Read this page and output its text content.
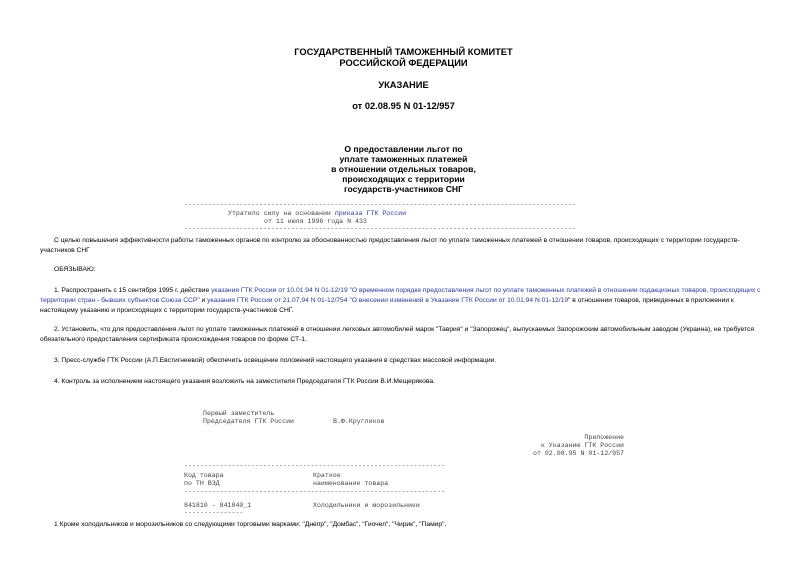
ГОСУДАРСТВЕННЫЙ ТАМОЖЕННЫЙ КОМИТЕТ
РОССИЙСКОЙ ФЕДЕРАЦИИ
УКАЗАНИЕ
от 02.08.95 N 01-12/957
О предоставлении льгот по
уплате таможенных платежей
в отношении отдельных товаров,
происходящих с территории
государств-участников СНГ
---------------------------------------------------------------------------------------------------
Утратило силу на основании приказа ГТК России
от 11 июля 1996 года N 433
---------------------------------------------------------------------------------------------------
С целью повышения эффективности работы таможенных органов по контролю за обоснованностью предоставления льгот по уплате таможенных платежей в отношении товаров, происходящих с территории государств-участников СНГ
ОБЯЗЫВАЮ:
1. Распространить с 15 сентября 1995 г. действие указания ГТК России от 10.01.94 N 01-12/19 "О временном порядке предоставления льгот по уплате таможенных платежей в отношении подакцизных товаров, происходящих с территории стран - бывших субъектов Союза ССР" и указания ГТК России от 21.07.94 N 01-12/754 "О внесении изменений в Указание ГТК России от 10.01.94 N 01-12/19" в отношении товаров, приведенных в приложении к настоящему указанию и происходящих с территории государств-участников СНГ.
2. Установить, что для предоставления льгот по уплате таможенных платежей в отношении легковых автомобилей марок "Таврия" и "Запорожец", выпускаемых Запорожским автомобильным заводом (Украина), не требуется обязательного предоставления сертификата происхождения товаров по форме СТ-1.
3. Пресс-службе ГТК России (А.П.Евстигнеевой) обеспечить освещение положений настоящего указания в средствах массовой информации.
4. Контроль за исполнением настоящего указания возложить на заместителя Председателя ГТК России В.И.Мещерякова.
Первый заместитель
Председателя ГТК России	В.Ф.Кругликов
Приложение
к Указанию ГТК России
от 02.08.95 N 01-12/957
------------------------------------------------------------------
Код товара
по ТН ВЭД
Краткое
наименование товара
------------------------------------------------------------------
841810 - 841840_1	Холодильники и морозильники
---------------
1 Кроме холодильников и морозильников со следующими торговыми марками: "Днепр", "Домбас", "Гиочел", "Чирик", "Памир".
